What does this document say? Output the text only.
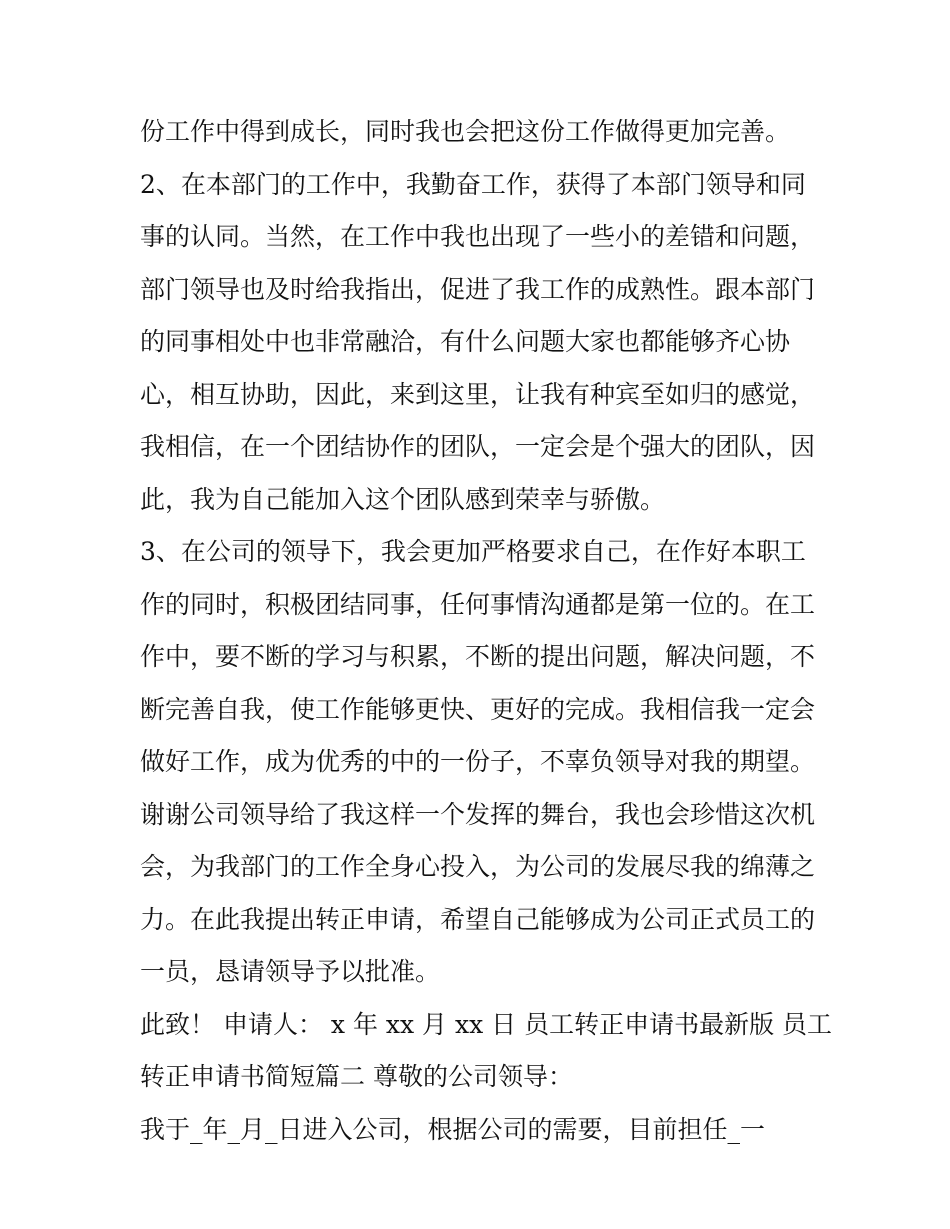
份工作中得到成长，同时我也会把这份工作做得更加完善。
2、在本部门的工作中，我勤奋工作，获得了本部门领导和同
事的认同。当然，在工作中我也出现了一些小的差错和问题，
部门领导也及时给我指出，促进了我工作的成熟性。跟本部门
的同事相处中也非常融洽，有什么问题大家也都能够齐心协
心，相互协助，因此，来到这里，让我有种宾至如归的感觉，
我相信，在一个团结协作的团队，一定会是个强大的团队，因
此，我为自己能加入这个团队感到荣幸与骄傲。
3、在公司的领导下，我会更加严格要求自己，在作好本职工
作的同时，积极团结同事，任何事情沟通都是第一位的。在工
作中，要不断的学习与积累，不断的提出问题，解决问题，不
断完善自我，使工作能够更快、更好的完成。我相信我一定会
做好工作，成为优秀的中的一份子，不辜负领导对我的期望。
谢谢公司领导给了我这样一个发挥的舞台，我也会珍惜这次机
会，为我部门的工作全身心投入，为公司的发展尽我的绵薄之
力。在此我提出转正申请，希望自己能够成为公司正式员工的
一员，恳请领导予以批准。
此致！ 申请人： x 年 xx 月 xx 日 员工转正申请书最新版 员工
转正申请书简短篇二 尊敬的公司领导：
我于_年_月_日进入公司，根据公司的需要，目前担任_一
